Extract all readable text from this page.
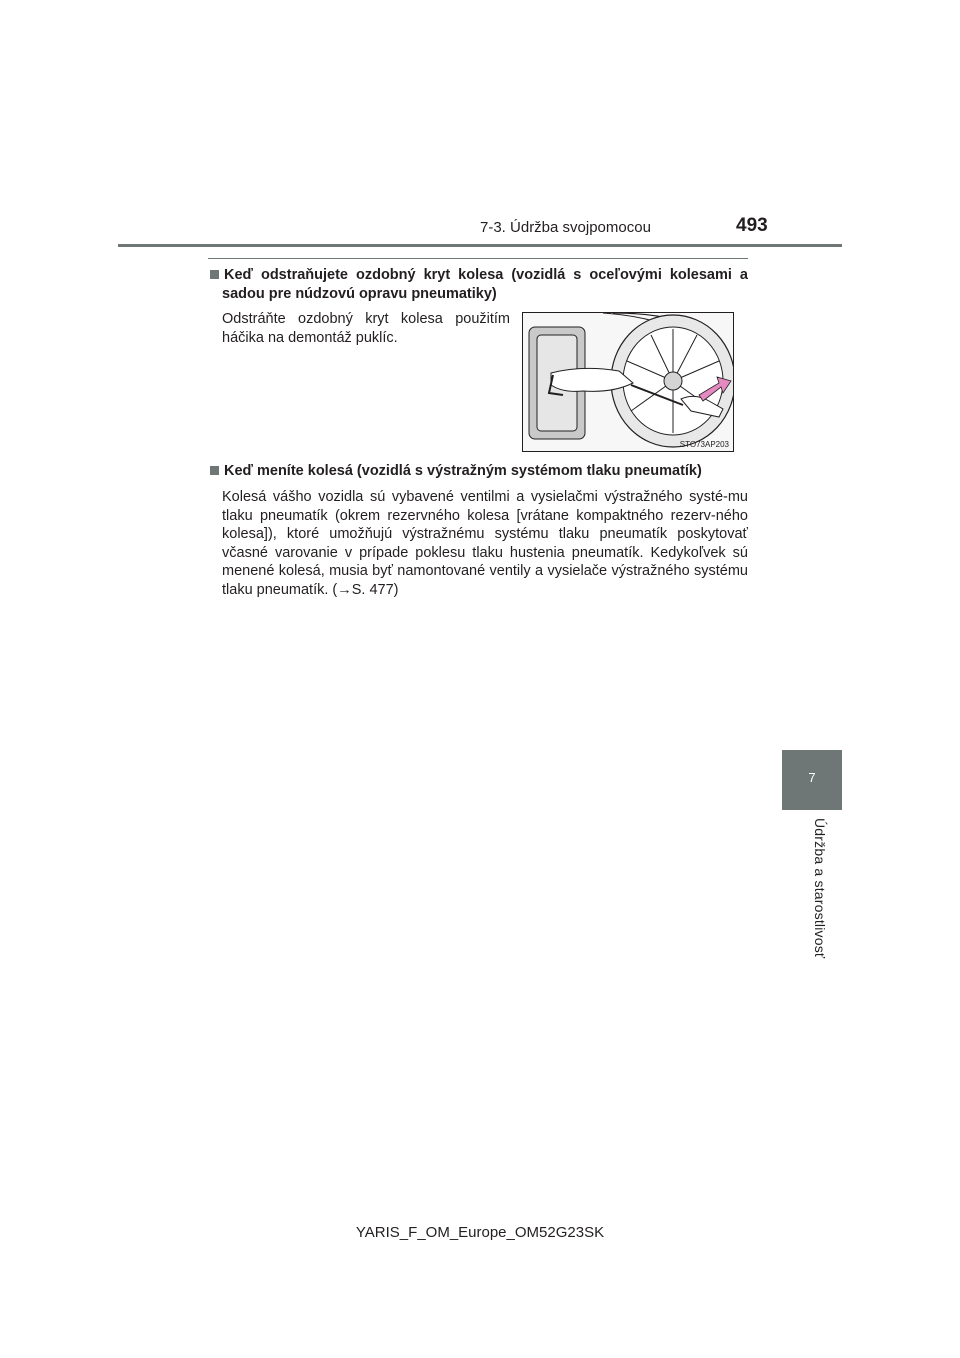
7-3. Údržba svojpomocou	493
7
Údržba a starostlivosť
Keď odstraňujete ozdobný kryt kolesa (vozidlá s oceľovými kolesami a sadou pre núdzovú opravu pneumatiky)
Odstráňte ozdobný kryt kolesa použitím háčika na demontáž puklíc.
STO73AP203
Keď meníte kolesá (vozidlá s výstražným systémom tlaku pneumatík)
Kolesá vášho vozidla sú vybavené ventilmi a vysielačmi výstražného systé-mu tlaku pneumatík (okrem rezervného kolesa [vrátane kompaktného rezerv-ného kolesa]), ktoré umožňujú výstražnému systému tlaku pneumatík poskytovať včasné varovanie v prípade poklesu tlaku hustenia pneumatík. Kedykoľvek sú menené kolesá, musia byť namontované ventily a vysielače výstražného systému tlaku pneumatík. (→S. 477)
YARIS_F_OM_Europe_OM52G23SK
